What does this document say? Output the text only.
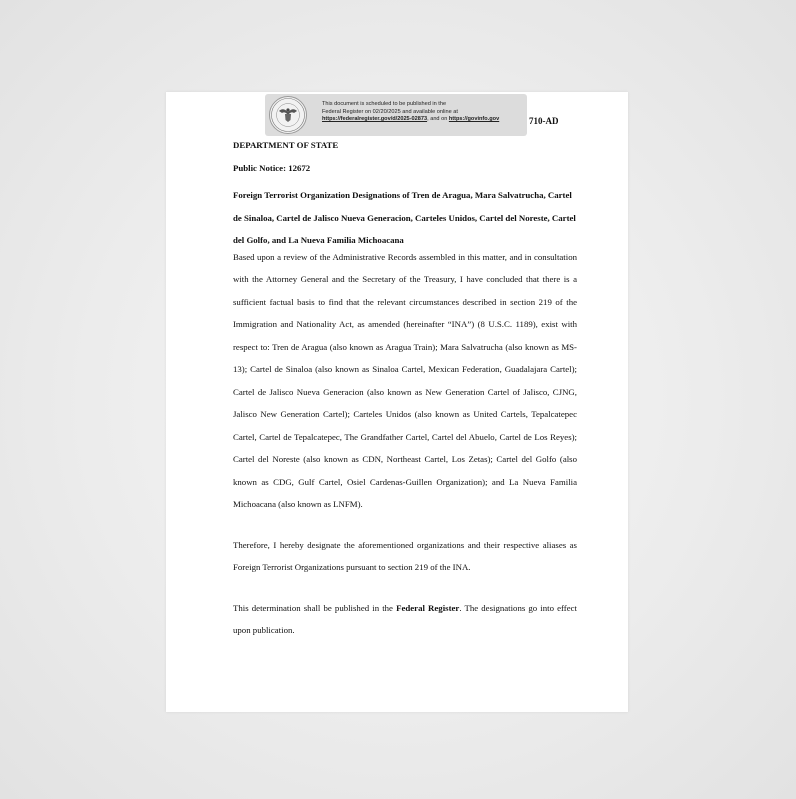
This document is scheduled to be published in the
Federal Register on 02/20/2025 and available online at
https://federalregister.gov/d/2025-02873, and on https://govinfo.gov	710-AD

DEPARTMENT OF STATE

Public Notice: 12672

Foreign Terrorist Organization Designations of Tren de Aragua, Mara Salvatrucha, Cartel de Sinaloa, Cartel de Jalisco Nueva Generacion, Carteles Unidos, Cartel del Noreste, Cartel del Golfo, and La Nueva Familia Michoacana

Based upon a review of the Administrative Records assembled in this matter, and in consultation with the Attorney General and the Secretary of the Treasury, I have concluded that there is a sufficient factual basis to find that the relevant circumstances described in section 219 of the Immigration and Nationality Act, as amended (hereinafter “INA”) (8 U.S.C. 1189), exist with respect to: Tren de Aragua (also known as Aragua Train); Mara Salvatrucha (also known as MS-13); Cartel de Sinaloa (also known as Sinaloa Cartel, Mexican Federation, Guadalajara Cartel); Cartel de Jalisco Nueva Generacion (also known as New Generation Cartel of Jalisco, CJNG, Jalisco New Generation Cartel); Carteles Unidos (also known as United Cartels, Tepalcatepec Cartel, Cartel de Tepalcatepec, The Grandfather Cartel, Cartel del Abuelo, Cartel de Los Reyes); Cartel del Noreste (also known as CDN, Northeast Cartel, Los Zetas); Cartel del Golfo (also known as CDG, Gulf Cartel, Osiel Cardenas-Guillen Organization); and La Nueva Familia Michoacana (also known as LNFM).

Therefore, I hereby designate the aforementioned organizations and their respective aliases as Foreign Terrorist Organizations pursuant to section 219 of the INA.

This determination shall be published in the Federal Register. The designations go into effect upon publication.
